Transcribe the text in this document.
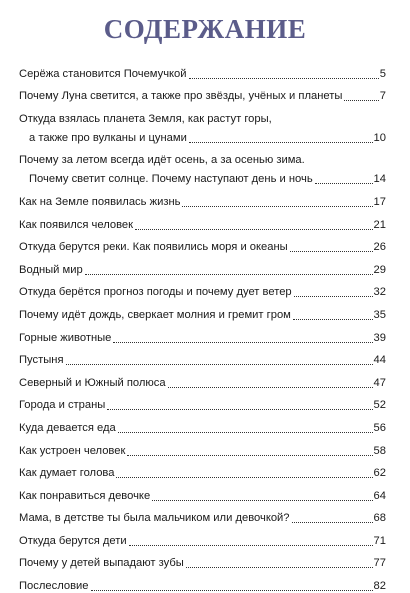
СОДЕРЖАНИЕ
Серёжа становится Почемучкой	5
Почему Луна светится, а также про звёзды, учёных и планеты	7
Откуда взялась планета Земля, как растут горы,
а также про вулканы и цунами	10
Почему за летом всегда идёт осень, а за осенью зима.
Почему светит солнце. Почему наступают день и ночь	14
Как на Земле появилась жизнь	17
Как появился человек	21
Откуда берутся реки. Как появились моря и океаны	26
Водный мир	29
Откуда берётся прогноз погоды и почему дует ветер	32
Почему идёт дождь, сверкает молния и гремит гром	35
Горные животные	39
Пустыня	44
Северный и Южный полюса	47
Города и страны	52
Куда девается еда	56
Как устроен человек	58
Как думает голова	62
Как понравиться девочке	64
Мама, в детстве ты была мальчиком или девочкой?	68
Откуда берутся дети	71
Почему у детей выпадают зубы	77
Послесловие	82
